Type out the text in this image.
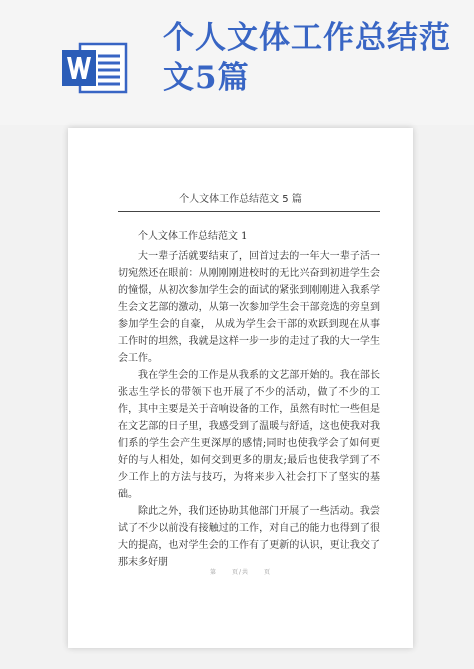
个人文体工作总结范文5篇
个人文体工作总结范文 5 篇

个人文体工作总结范文 1

大一辈子活就要结束了，回首过去的一年大一辈子活一切宛然还在眼前：从刚刚刚进校时的无比兴奋到初进学生会的憧憬，从初次参加学生会的面试的紧张到刚刚进入我系学生会文艺部的激动，从第一次参加学生会干部竞选的旁皇到参加学生会的自豪， 从成为学生会干部的欢跃到现在从事工作时的坦然，我就是这样一步一步的走过了我的大一学生会工作。

我在学生会的工作是从我系的文艺部开始的。我在部长张志生学长的带领下也开展了不少的活动，做了不少的工作，其中主要是关于音响设备的工作，虽然有时忙一些但是在文艺部的日子里，我感受到了温暖与舒适，这也使我对我们系的学生会产生更深厚的感情;同时也使我学会了如何更好的与人相处，如何交到更多的朋友;最后也使我学到了不少工作上的方法与技巧，为将来步入社会打下了坚实的基础。

除此之外，我们还协助其他部门开展了一些活动。我尝试了不少以前没有接触过的工作，对自己的能力也得到了很大的提高，也对学生会的工作有了更新的认识，更让我交了那末多好朋

第 页/共 页
